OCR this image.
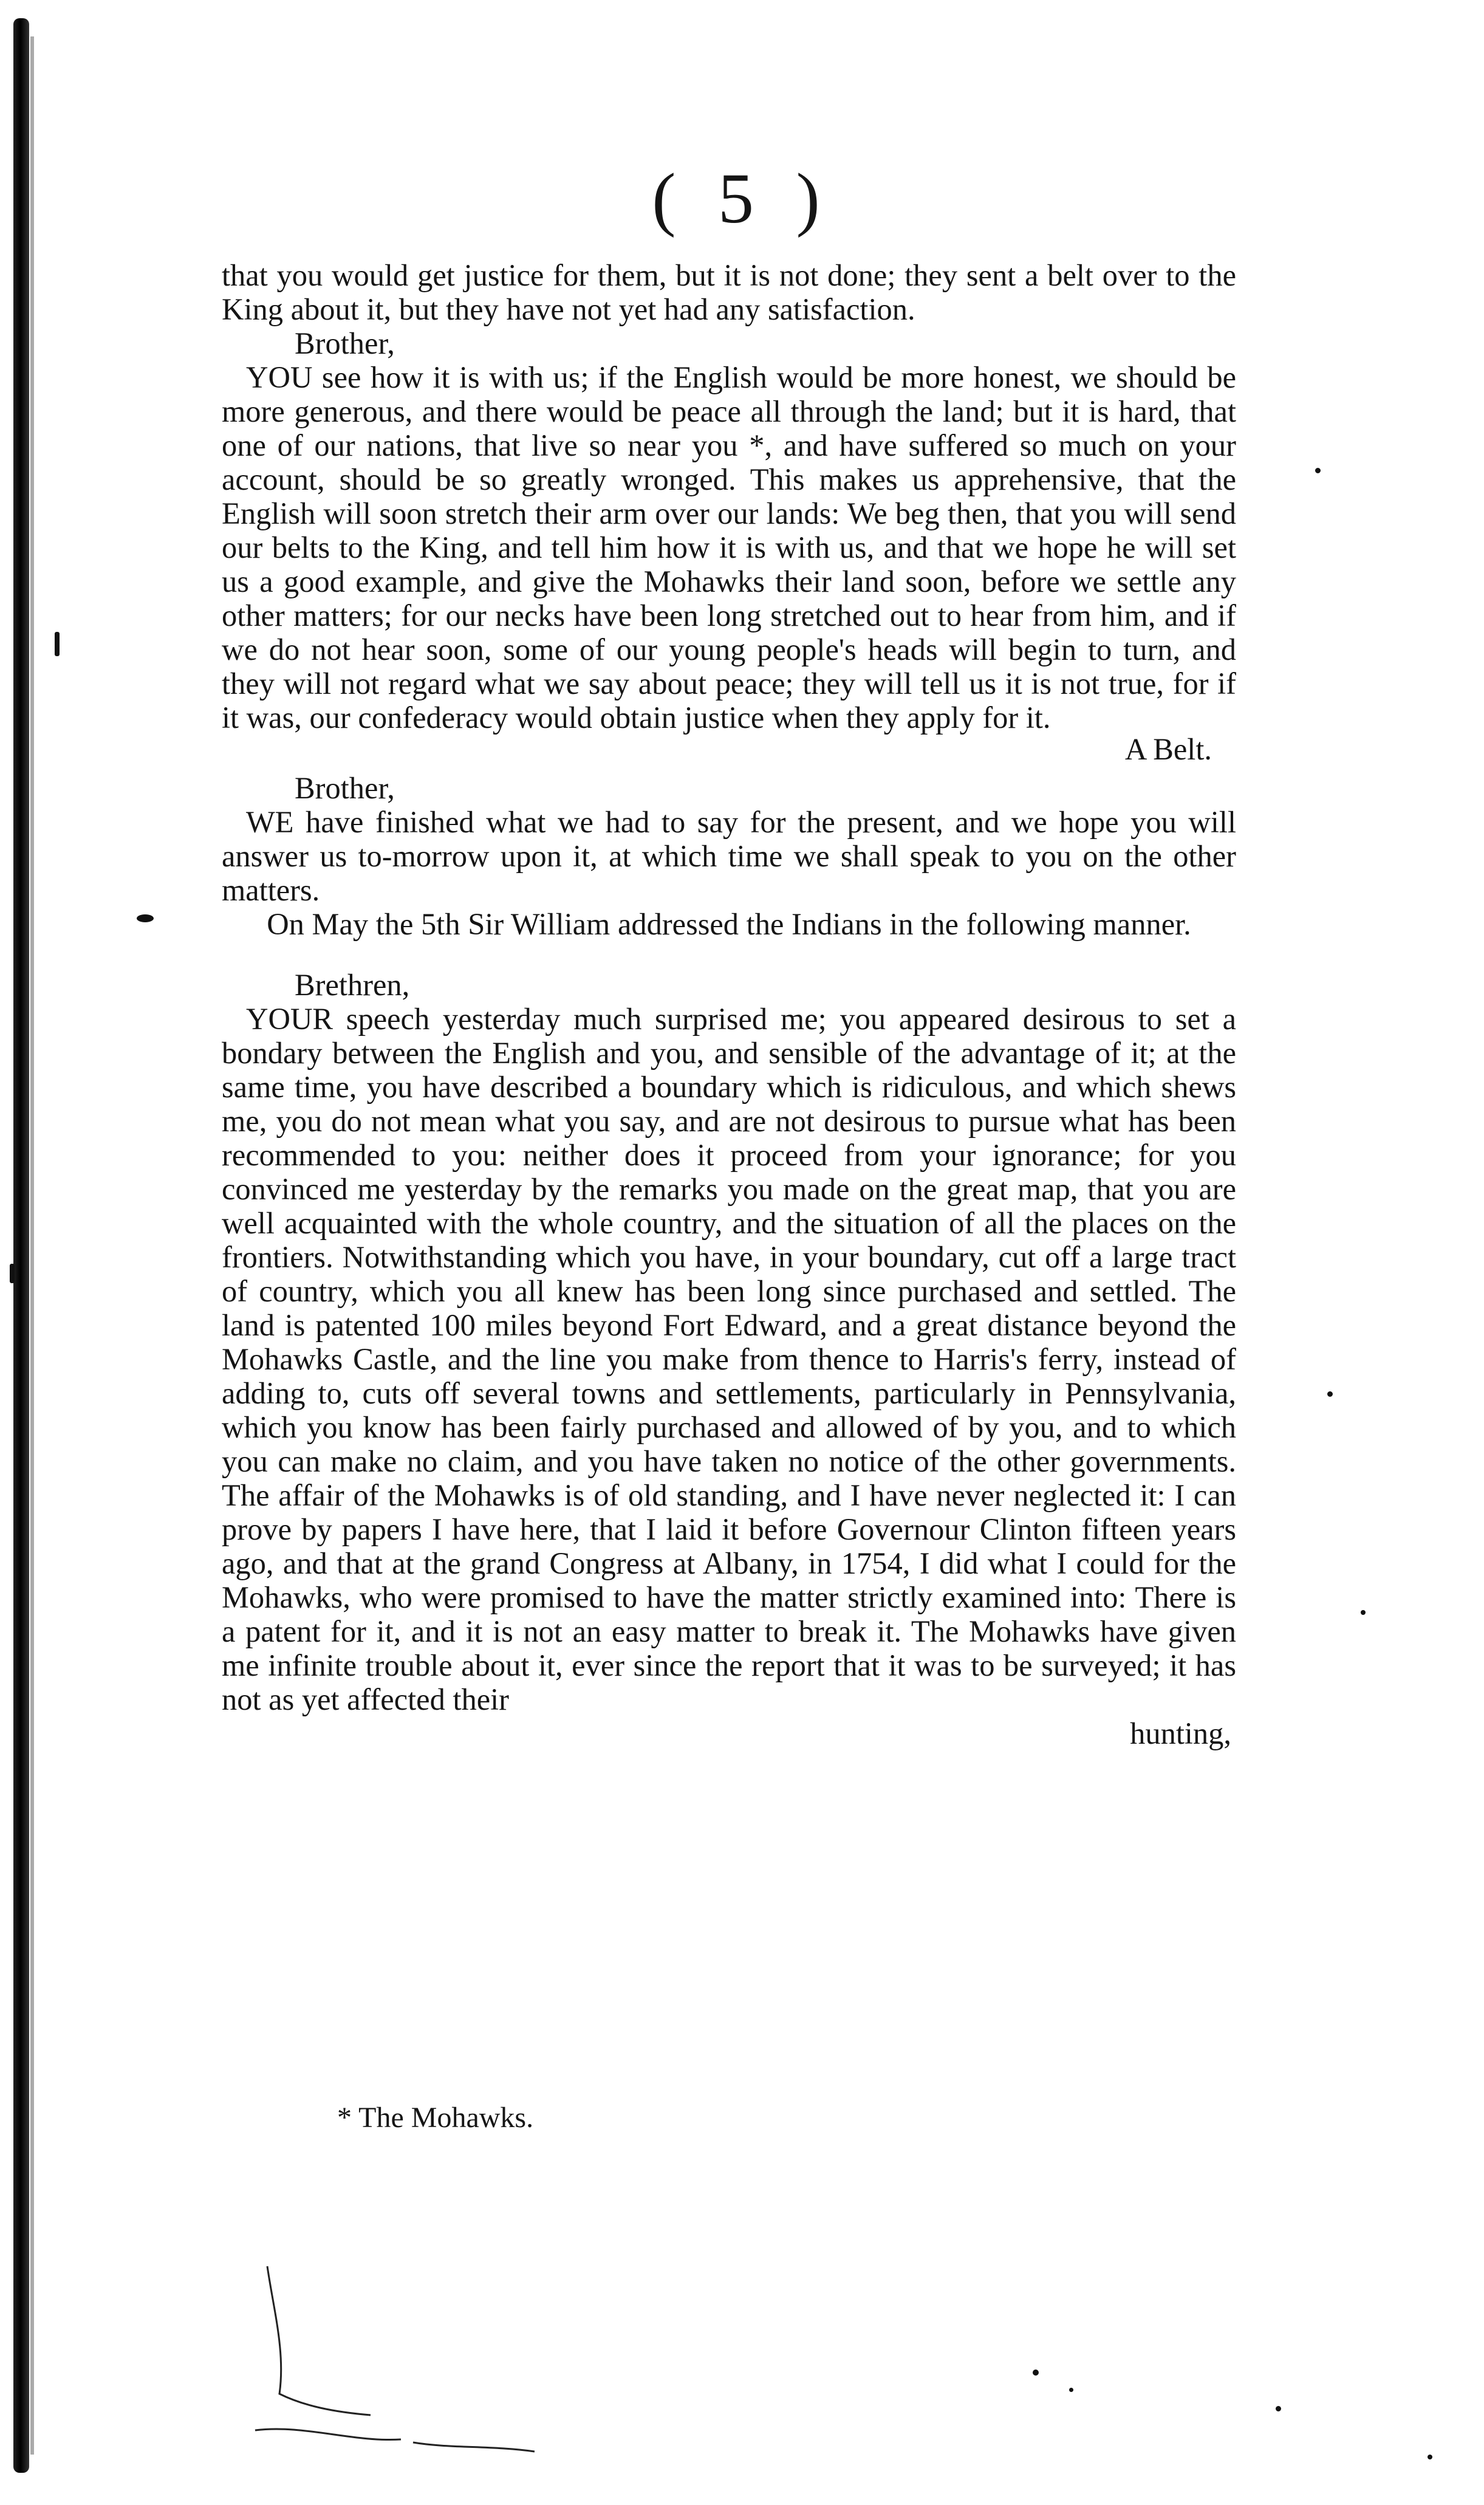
( 5 )

that you would get justice for them, but it is not done; they sent a belt over to the King about it, but they have not yet had any satisfaction.

Brother,

YOU see how it is with us; if the English would be more honest, we should be more generous, and there would be peace all through the land; but it is hard, that one of our nations, that live so near you *, and have suffered so much on your account, should be so greatly wronged. This makes us apprehensive, that the English will soon stretch their arm over our lands: We beg then, that you will send our belts to the King, and tell him how it is with us, and that we hope he will set us a good example, and give the Mohawks their land soon, before we settle any other matters; for our necks have been long stretched out to hear from him, and if we do not hear soon, some of our young people's heads will begin to turn, and they will not regard what we say about peace; they will tell us it is not true, for if it was, our confederacy would obtain justice when they apply for it.

A Belt.

Brother,

WE have finished what we had to say for the present, and we hope you will answer us to-morrow upon it, at which time we shall speak to you on the other matters.

On May the 5th Sir William addressed the Indians in the following manner.

Brethren,

YOUR speech yesterday much surprised me; you appeared desirous to set a bondary between the English and you, and sensible of the advantage of it; at the same time, you have described a boundary which is ridiculous, and which shews me, you do not mean what you say, and are not desirous to pursue what has been recommended to you: neither does it proceed from your ignorance; for you convinced me yesterday by the remarks you made on the great map, that you are well acquainted with the whole country, and the situation of all the places on the frontiers. Notwithstanding which you have, in your boundary, cut off a large tract of country, which you all knew has been long since purchased and settled. The land is patented 100 miles beyond Fort Edward, and a great distance beyond the Mohawks Castle, and the line you make from thence to Harris's ferry, instead of adding to, cuts off several towns and settlements, particularly in Pennsylvania, which you know has been fairly purchased and allowed of by you, and to which you can make no claim, and you have taken no notice of the other governments. The affair of the Mohawks is of old standing, and I have never neglected it: I can prove by papers I have here, that I laid it before Governour Clinton fifteen years ago, and that at the grand Congress at Albany, in 1754, I did what I could for the Mohawks, who were promised to have the matter strictly examined into: There is a patent for it, and it is not an easy matter to break it. The Mohawks have given me infinite trouble about it, ever since the report that it was to be surveyed; it has not as yet affected their

hunting,

* The Mohawks.
